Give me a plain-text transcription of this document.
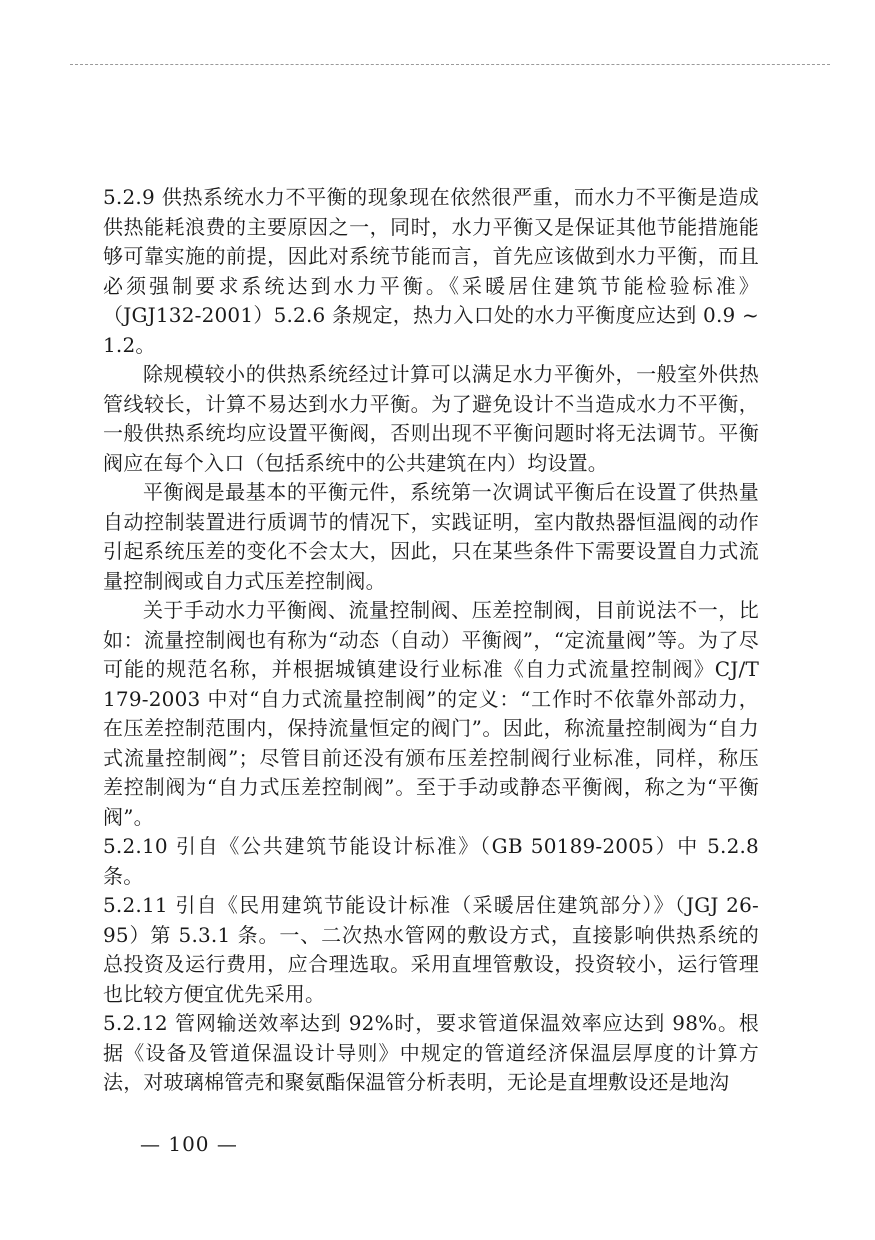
5.2.9 供热系统水力不平衡的现象现在依然很严重，而水力不平衡是造成供热能耗浪费的主要原因之一，同时，水力平衡又是保证其他节能措施能够可靠实施的前提，因此对系统节能而言，首先应该做到水力平衡，而且必须强制要求系统达到水力平衡。《采暖居住建筑节能检验标准》（JGJ132-2001）5.2.6 条规定，热力入口处的水力平衡度应达到 0.9 ~ 1.2。

除规模较小的供热系统经过计算可以满足水力平衡外，一般室外供热管线较长，计算不易达到水力平衡。为了避免设计不当造成水力不平衡，一般供热系统均应设置平衡阀，否则出现不平衡问题时将无法调节。平衡阀应在每个入口（包括系统中的公共建筑在内）均设置。

平衡阀是最基本的平衡元件，系统第一次调试平衡后在设置了供热量自动控制装置进行质调节的情况下，实践证明，室内散热器恒温阀的动作引起系统压差的变化不会太大，因此，只在某些条件下需要设置自力式流量控制阀或自力式压差控制阀。

关于手动水力平衡阀、流量控制阀、压差控制阀，目前说法不一，比如：流量控制阀也有称为“动态（自动）平衡阀”，“定流量阀”等。为了尽可能的规范名称，并根据城镇建设行业标准《自力式流量控制阀》CJ/T 179-2003 中对“自力式流量控制阀”的定义：“工作时不依靠外部动力，在压差控制范围内，保持流量恒定的阀门”。因此，称流量控制阀为“自力式流量控制阀”；尽管目前还没有颁布压差控制阀行业标准，同样，称压差控制阀为“自力式压差控制阀”。至于手动或静态平衡阀，称之为“平衡阀”。

5.2.10 引自《公共建筑节能设计标准》（GB 50189-2005）中 5.2.8 条。

5.2.11 引自《民用建筑节能设计标准（采暖居住建筑部分）》（JGJ 26-95）第 5.3.1 条。一、二次热水管网的敷设方式，直接影响供热系统的总投资及运行费用，应合理选取。采用直埋管敷设，投资较小，运行管理也比较方便宜优先采用。

5.2.12 管网输送效率达到 92%时，要求管道保温效率应达到 98%。根据《设备及管道保温设计导则》中规定的管道经济保温层厚度的计算方法，对玻璃棉管壳和聚氨酯保温管分析表明，无论是直埋敷设还是地沟

— 100 —
